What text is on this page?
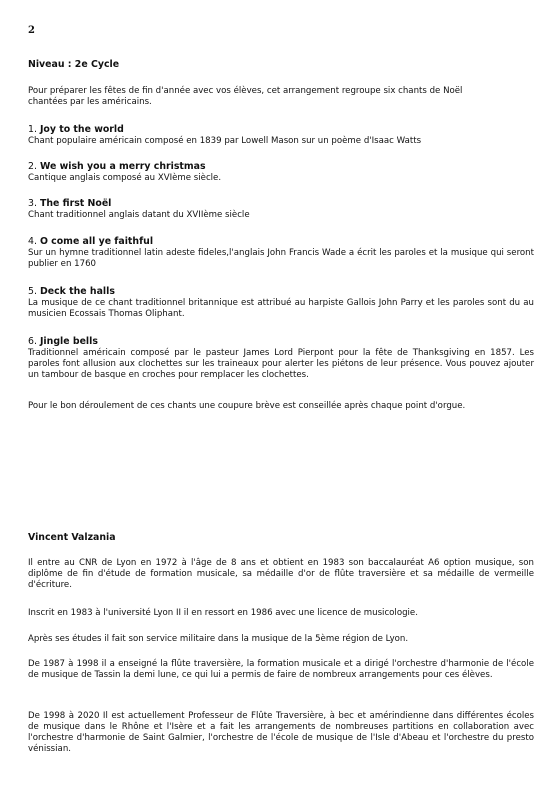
2
Niveau : 2e Cycle

Pour préparer les fêtes de fin d'année avec vos élèves, cet arrangement regroupe six chants de Noël chantées par les américains.

1. Joy to the world

Chant populaire américain composé en 1839 par Lowell Mason sur un poème d'Isaac Watts

2. We wish you a merry christmas

Cantique anglais composé au XVIème siècle.

3. The first Noël

Chant traditionnel anglais datant du XVIIème siècle

4. O come all ye faithful

Sur un hymne traditionnel latin adeste fideles,l'anglais John Francis Wade a écrit les paroles et la musique qui seront publier en 1760

5. Deck the halls

La musique de ce chant traditionnel britannique est attribué au harpiste Gallois John Parry et les paroles sont du au musicien Ecossais Thomas Oliphant.

6. Jingle bells

Traditionnel américain composé par le pasteur James Lord Pierpont pour la fête de Thanksgiving en 1857. Les paroles font allusion aux clochettes sur les traineaux pour alerter les piétons de leur présence. Vous pouvez ajouter un tambour de basque en croches pour remplacer les clochettes.

Pour le bon déroulement de ces chants une coupure brève est conseillée après chaque point d'orgue.

Vincent Valzania

Il entre au CNR de Lyon en 1972 à l'âge de 8 ans et obtient en 1983 son baccalauréat A6 option musique, son diplôme de fin d'étude de formation musicale, sa médaille d'or de flûte traversière et sa médaille de vermeille d'écriture.

Inscrit en 1983 à l'université Lyon II il en ressort en 1986 avec une licence de musicologie.

Après ses études il fait son service militaire dans la musique de la 5ème région de Lyon.

De 1987 à 1998 il a enseigné la flûte traversière, la formation musicale et a dirigé l'orchestre d'harmonie de l'école de musique de Tassin la demi lune, ce qui lui a permis de faire de nombreux arrangements pour ces élèves.

De 1998 à 2020 Il est actuellement Professeur de Flûte Traversière, à bec et amérindienne dans différentes écoles de musique dans le Rhône et l'Isère et a fait les arrangements de nombreuses partitions en collaboration avec l'orchestre d'harmonie de Saint Galmier, l'orchestre de l'école de musique de l'Isle d'Abeau et l'orchestre du presto vénissian.
